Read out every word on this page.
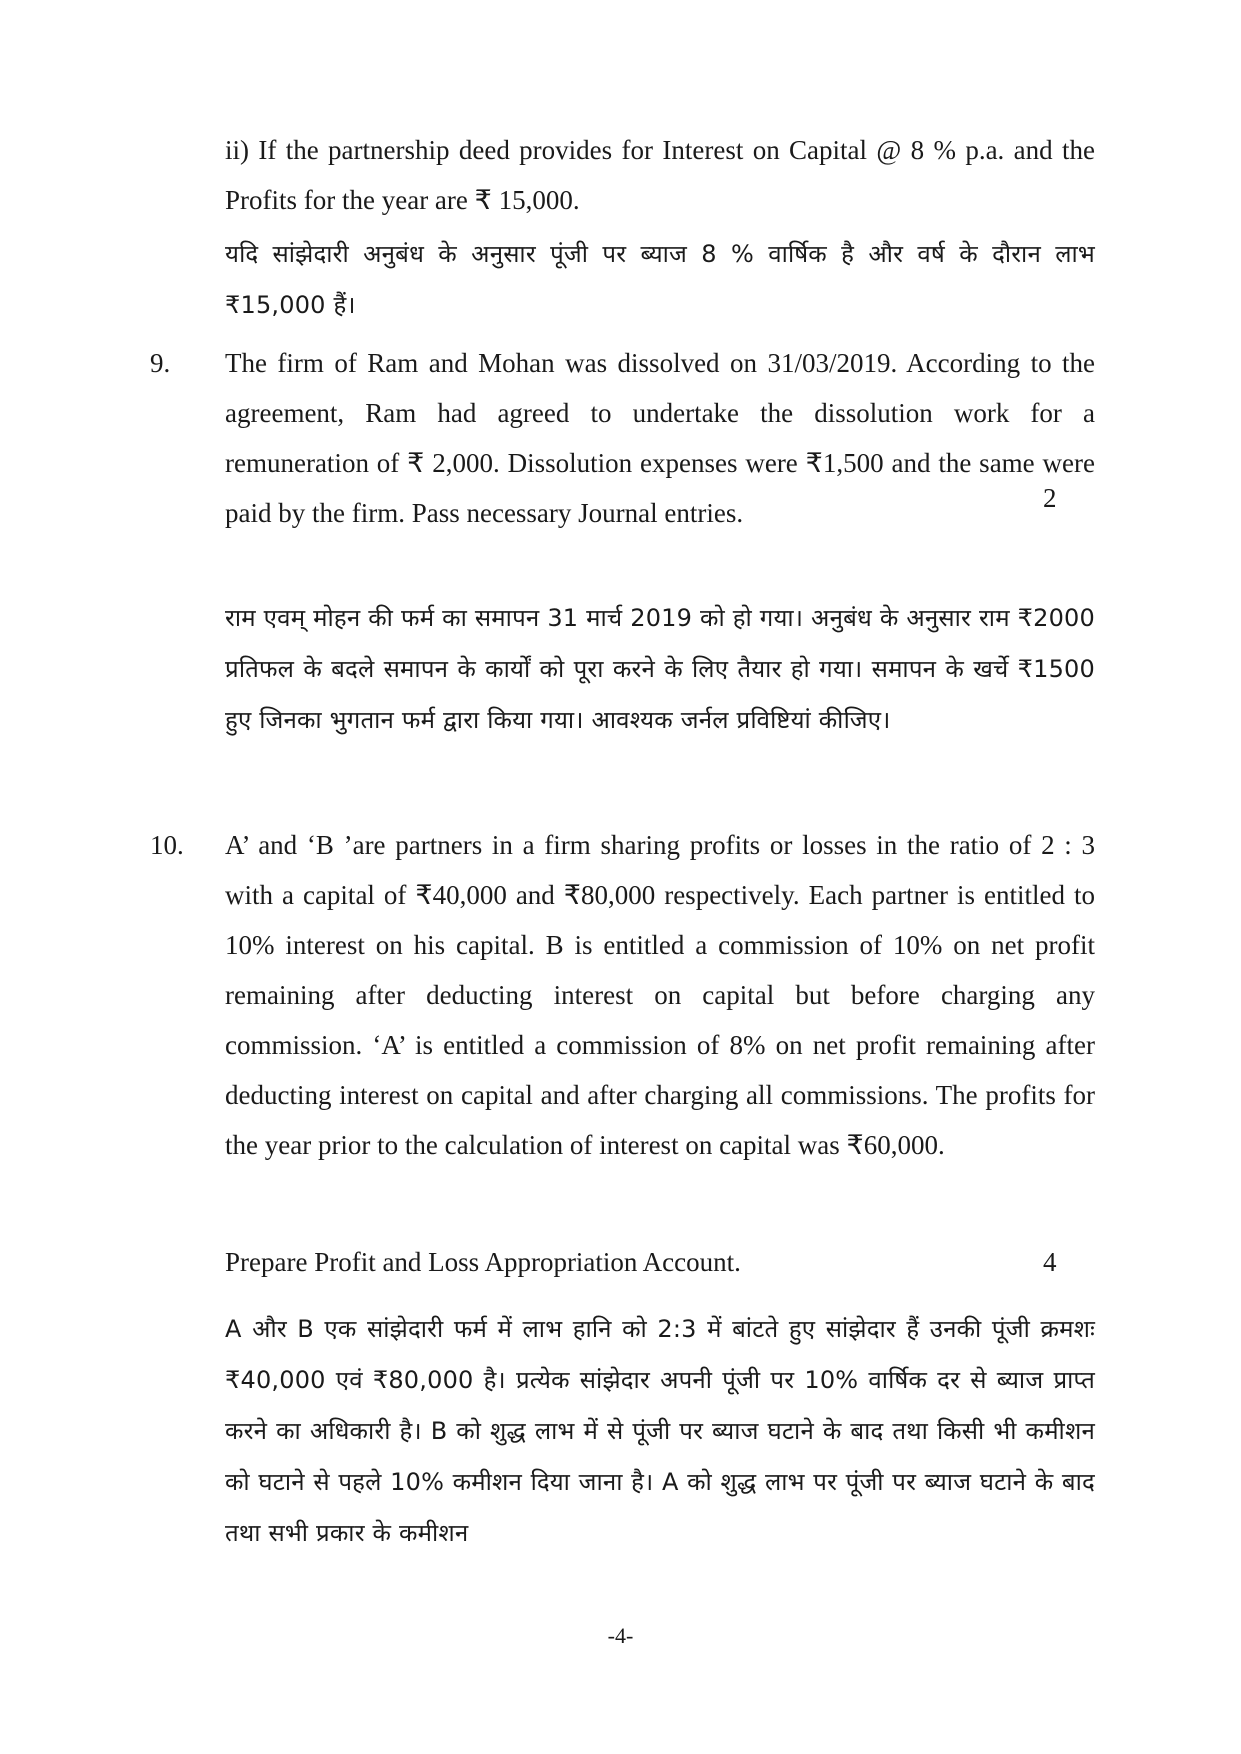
ii) If the partnership deed provides for Interest on Capital @ 8 % p.a. and the Profits for the year are ₹ 15,000.

यदि सांझेदारी अनुबंध के अनुसार पूंजी पर ब्याज 8 % वार्षिक है और वर्ष के दौरान लाभ ₹15,000 हैं।

9. The firm of Ram and Mohan was dissolved on 31/03/2019. According to the agreement, Ram had agreed to undertake the dissolution work for a remuneration of ₹ 2,000. Dissolution expenses were ₹1,500 and the same were paid by the firm. Pass necessary Journal entries.	2

राम एवम् मोहन की फर्म का समापन 31 मार्च 2019 को हो गया। अनुबंध के अनुसार राम ₹2000 प्रतिफल के बदले समापन के कार्यों को पूरा करने के लिए तैयार हो गया। समापन के खर्चे ₹1500 हुए जिनका भुगतान फर्म द्वारा किया गया। आवश्यक जर्नल प्रविष्टियां कीजिए।

10. A’ and ‘B ’are partners in a firm sharing profits or losses in the ratio of 2 : 3 with a capital of ₹40,000 and ₹80,000 respectively. Each partner is entitled to 10% interest on his capital. B is entitled a commission of 10% on net profit remaining after deducting interest on capital but before charging any commission. ‘A’ is entitled a commission of 8% on net profit remaining after deducting interest on capital and after charging all commissions. The profits for the year prior to the calculation of interest on capital was ₹60,000.

Prepare Profit and Loss Appropriation Account.	4

A और B एक सांझेदारी फर्म में लाभ हानि को 2:3 में बांटते हुए सांझेदार हैं उनकी पूंजी क्रमशः ₹40,000 एवं ₹80,000 है। प्रत्येक सांझेदार अपनी पूंजी पर 10% वार्षिक दर से ब्याज प्राप्त करने का अधिकारी है। B को शुद्ध लाभ में से पूंजी पर ब्याज घटाने के बाद तथा किसी भी कमीशन को घटाने से पहले 10% कमीशन दिया जाना है। A को शुद्ध लाभ पर पूंजी पर ब्याज घटाने के बाद तथा सभी प्रकार के कमीशन

-4-
